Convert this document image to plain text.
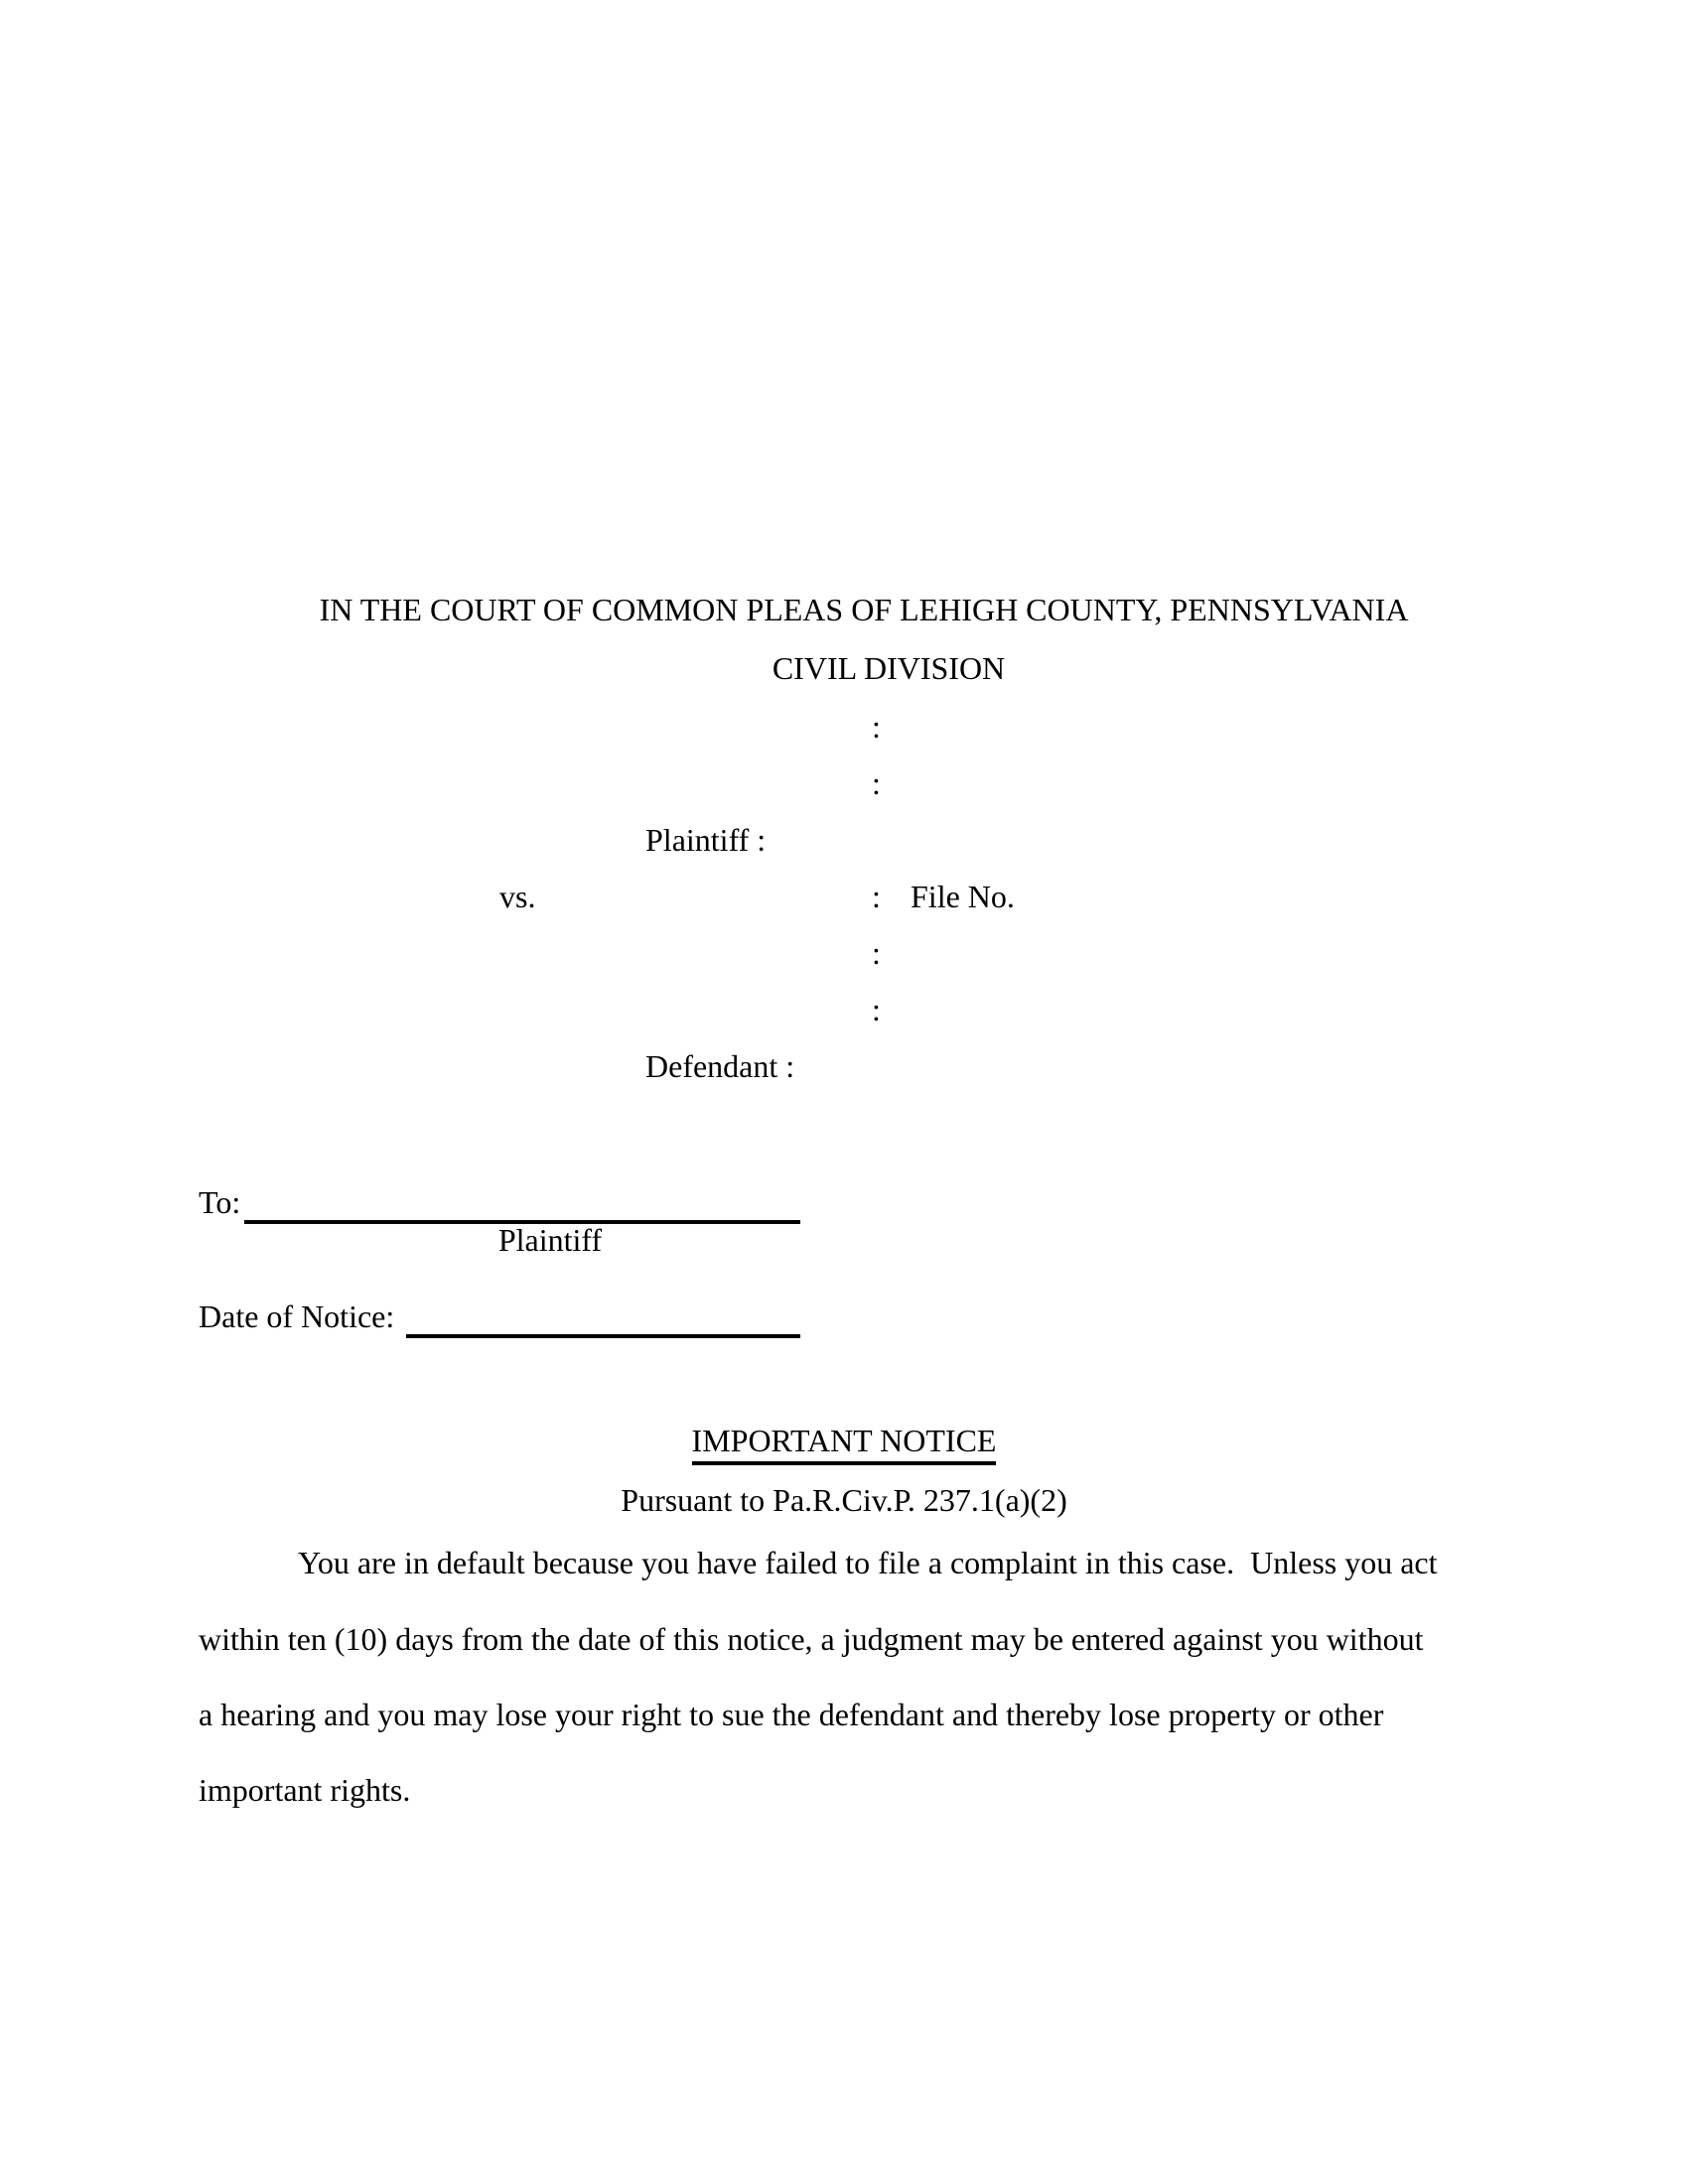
IN THE COURT OF COMMON PLEAS OF LEHIGH COUNTY, PENNSYLVANIA
CIVIL DIVISION
:
:
Plaintiff :
vs.	: File No.
:
:
Defendant :
To:
Plaintiff
Date of Notice:
IMPORTANT NOTICE
Pursuant to Pa.R.Civ.P. 237.1(a)(2)
You are in default because you have failed to file a complaint in this case.  Unless you act
within ten (10) days from the date of this notice, a judgment may be entered against you without
a hearing and you may lose your right to sue the defendant and thereby lose property or other
important rights.
